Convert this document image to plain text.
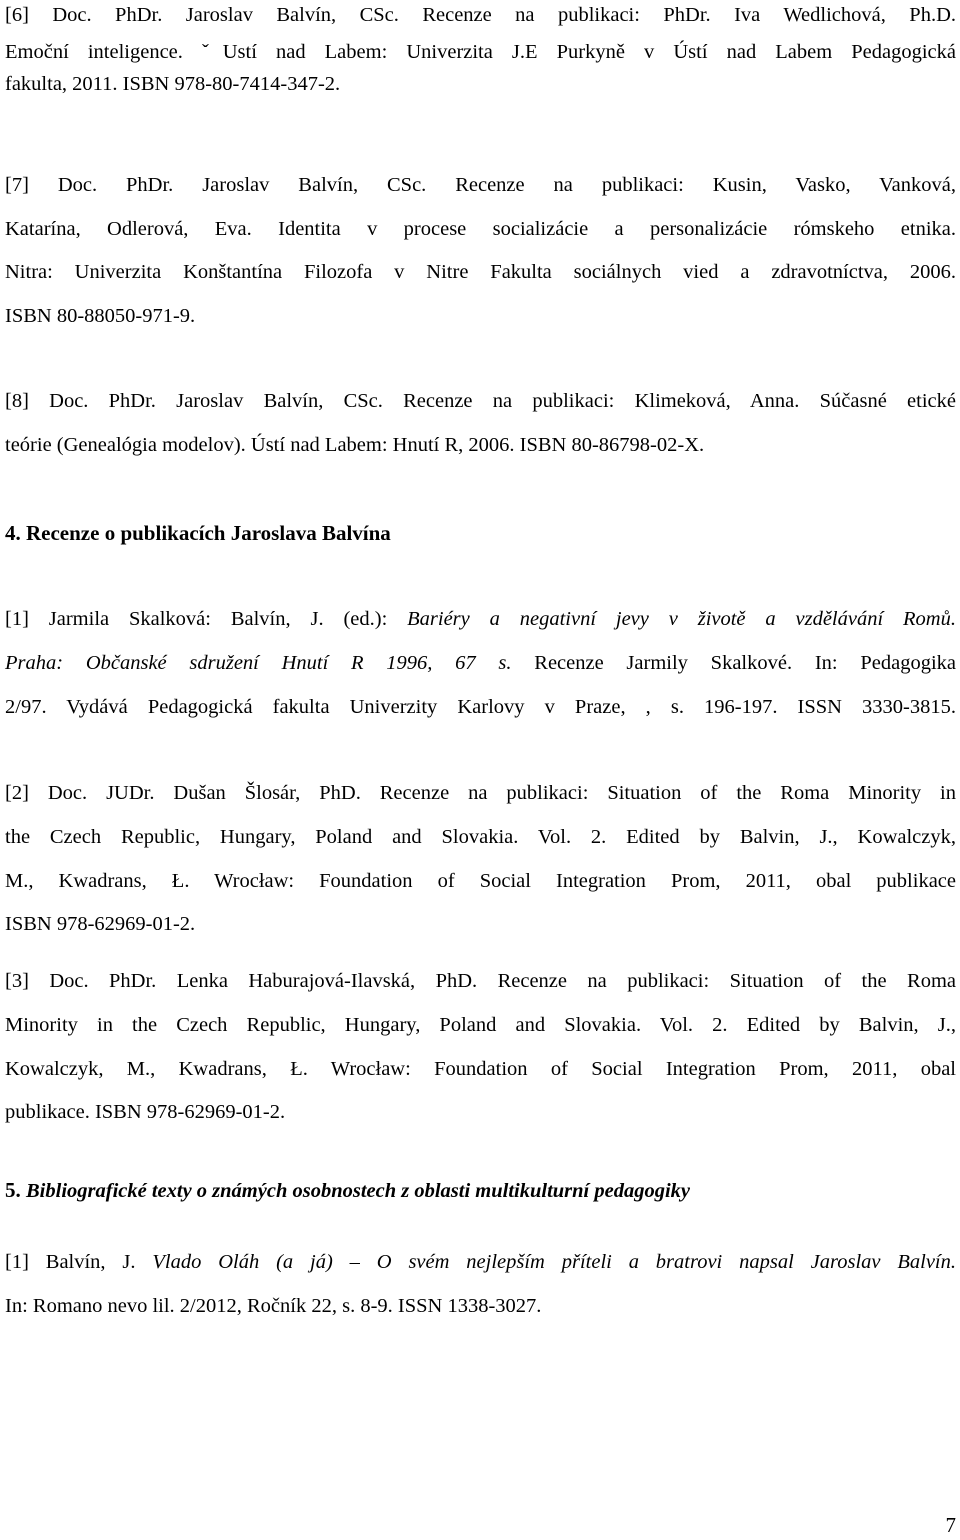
[6] Doc. PhDr. Jaroslav Balvín, CSc. Recenze na publikaci: PhDr. Iva Wedlichová, Ph.D.
Emoční inteligence. ˇUstí nad Labem: Univerzita J.E Purkyně v Ústí nad Labem Pedagogická
fakulta, 2011. ISBN 978-80-7414-347-2.
[7] Doc. PhDr. Jaroslav Balvín, CSc. Recenze na publikaci: Kusin, Vasko, Vanková,
Katarína, Odlerová, Eva. Identita v procese socializácie a personalizácie rómskeho etnika.
Nitra: Univerzita Konštantína Filozofa v Nitre Fakulta sociálnych vied a zdravotníctva, 2006.
ISBN 80-88050-971-9.
[8] Doc. PhDr. Jaroslav Balvín, CSc. Recenze na publikaci: Klimeková, Anna. Súčasné etické
teórie (Genealógia modelov). Ústí nad Labem: Hnutí R, 2006. ISBN 80-86798-02-X.
4. Recenze o publikacích Jaroslava Balvína
[1] Jarmila Skalková: Balvín, J. (ed.): Bariéry a negativní jevy v životě a vzdělávání Romů.
Praha: Občanské sdružení Hnutí R 1996, 67 s. Recenze Jarmily Skalkové. In: Pedagogika
2/97. Vydává Pedagogická fakulta Univerzity Karlovy v Praze, , s. 196-197. ISSN 3330-3815.
[2] Doc. JUDr. Dušan Šlosár, PhD. Recenze na publikaci: Situation of the Roma Minority in
the Czech Republic, Hungary, Poland and Slovakia. Vol. 2. Edited by Balvin, J., Kowalczyk,
M., Kwadrans, Ł. Wrocław: Foundation of Social Integration Prom, 2011, obal publikace
ISBN 978-62969-01-2.
[3] Doc. PhDr. Lenka Haburajová-Ilavská, PhD. Recenze na publikaci: Situation of the Roma
Minority in the Czech Republic, Hungary, Poland and Slovakia. Vol. 2. Edited by Balvin, J.,
Kowalczyk, M., Kwadrans, Ł. Wrocław: Foundation of Social Integration Prom, 2011, obal
publikace. ISBN 978-62969-01-2.
5. Bibliografické texty o známých osobnostech z oblasti multikulturní pedagogiky
[1] Balvín, J. Vlado Oláh (a já) – O svém nejlepším příteli a bratrovi napsal Jaroslav Balvín.
In: Romano nevo lil. 2/2012, Ročník 22, s. 8-9. ISSN 1338-3027.
7
